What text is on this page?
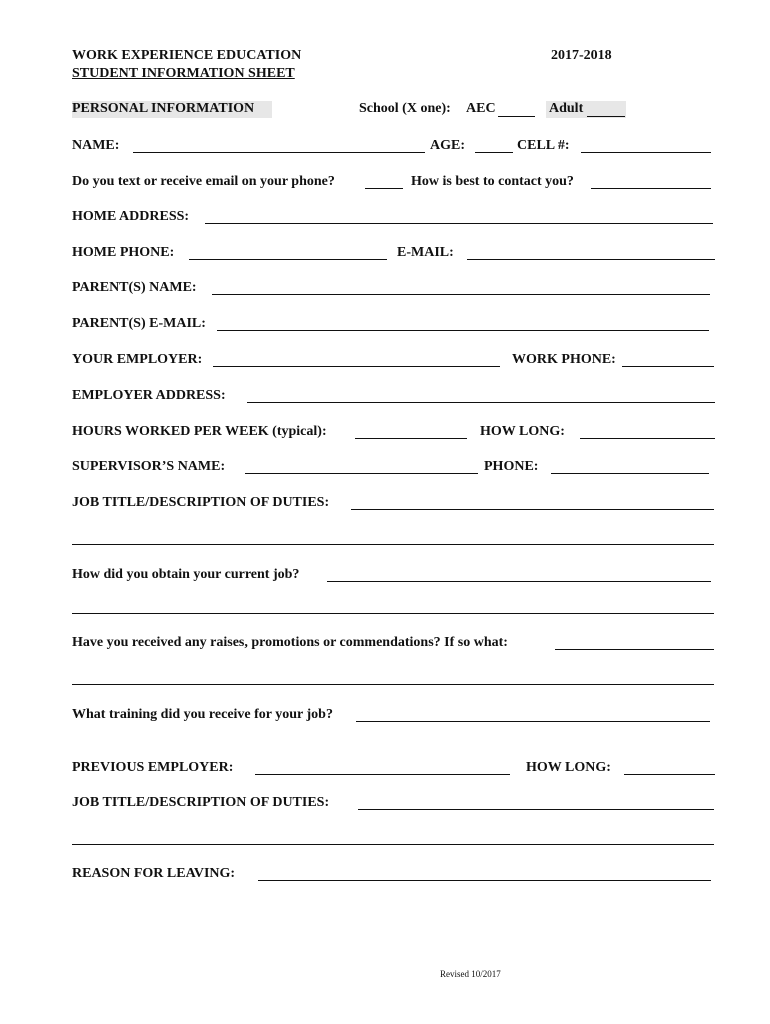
WORK EXPERIENCE EDUCATION
STUDENT INFORMATION SHEET
2017-2018
PERSONAL INFORMATION	School (X one): AEC	Adult
NAME:	AGE:	CELL #:
Do you text or receive email on your phone?	How is best to contact you?
HOME ADDRESS:
HOME PHONE:	E-MAIL:
PARENT(S) NAME:
PARENT(S) E-MAIL:
YOUR EMPLOYER:	WORK PHONE:
EMPLOYER ADDRESS:
HOURS WORKED PER WEEK (typical):	HOW LONG:
SUPERVISOR’S NAME:	PHONE:
JOB TITLE/DESCRIPTION OF DUTIES:
How did you obtain your current job?
Have you received any raises, promotions or commendations? If so what:
What training did you receive for your job?
PREVIOUS EMPLOYER:	HOW LONG:
JOB TITLE/DESCRIPTION OF DUTIES:
REASON FOR LEAVING:
Revised 10/2017
